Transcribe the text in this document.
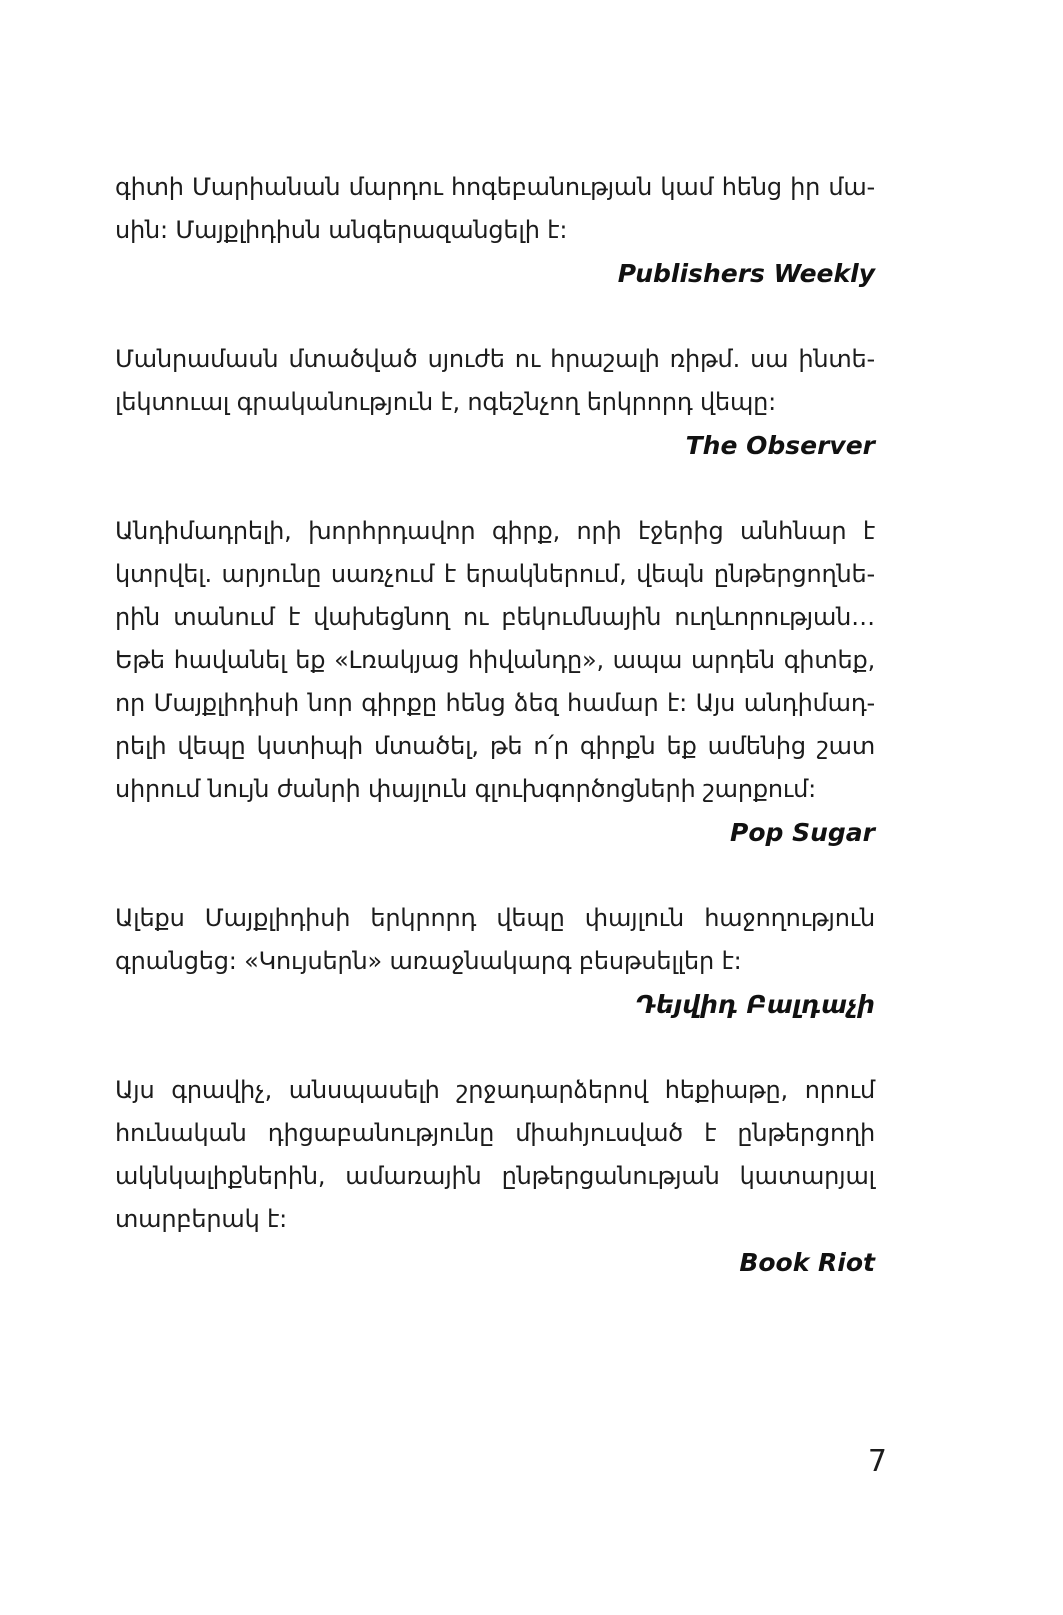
գիտի Մարիանան մարդու հոգեբանության կամ հենց իր մա-
սին: Մայքլիդիսն անգերազանցելի է:
Publishers Weekly
Մանրամասն մտածված սյուժե ու հրաշալի ռիթմ. սա ինտե-
լեկտուալ գրականություն է, ոգեշնչող երկրորդ վեպը:
The Observer
Անդիմադրելի, խորհրդավոր գիրք, որի էջերից անհնար է
կտրվել. արյունը սառչում է երակներում, վեպն ընթերցողնե-
րին տանում է վախեցնող ու բեկումնային ուղևորության…
Եթե հավանել եք «Լռակյաց հիվանդը», ապա արդեն գիտեք,
որ Մայքլիդիսի նոր գիրքը հենց ձեզ համար է: Այս անդիմադ-
րելի վեպը կստիպի մտածել, թե ո՛ր գիրքն եք ամենից շատ
սիրում նույն ժանրի փայլուն գլուխգործոցների շարքում:
Pop Sugar
Ալեքս Մայքլիդիսի երկրորդ վեպը փայլուն հաջողություն
գրանցեց: «Կույսերն» առաջնակարգ բեսթսելլեր է:
Դեյվիդ Բալդաչի
Այս գրավիչ, անսպասելի շրջադարձերով հեքիաթը, որում
հունական դիցաբանությունը միահյուսված է ընթերցողի
ակնկալիքներին, ամառային ընթերցանության կատարյալ
տարբերակ է:
Book Riot
7
